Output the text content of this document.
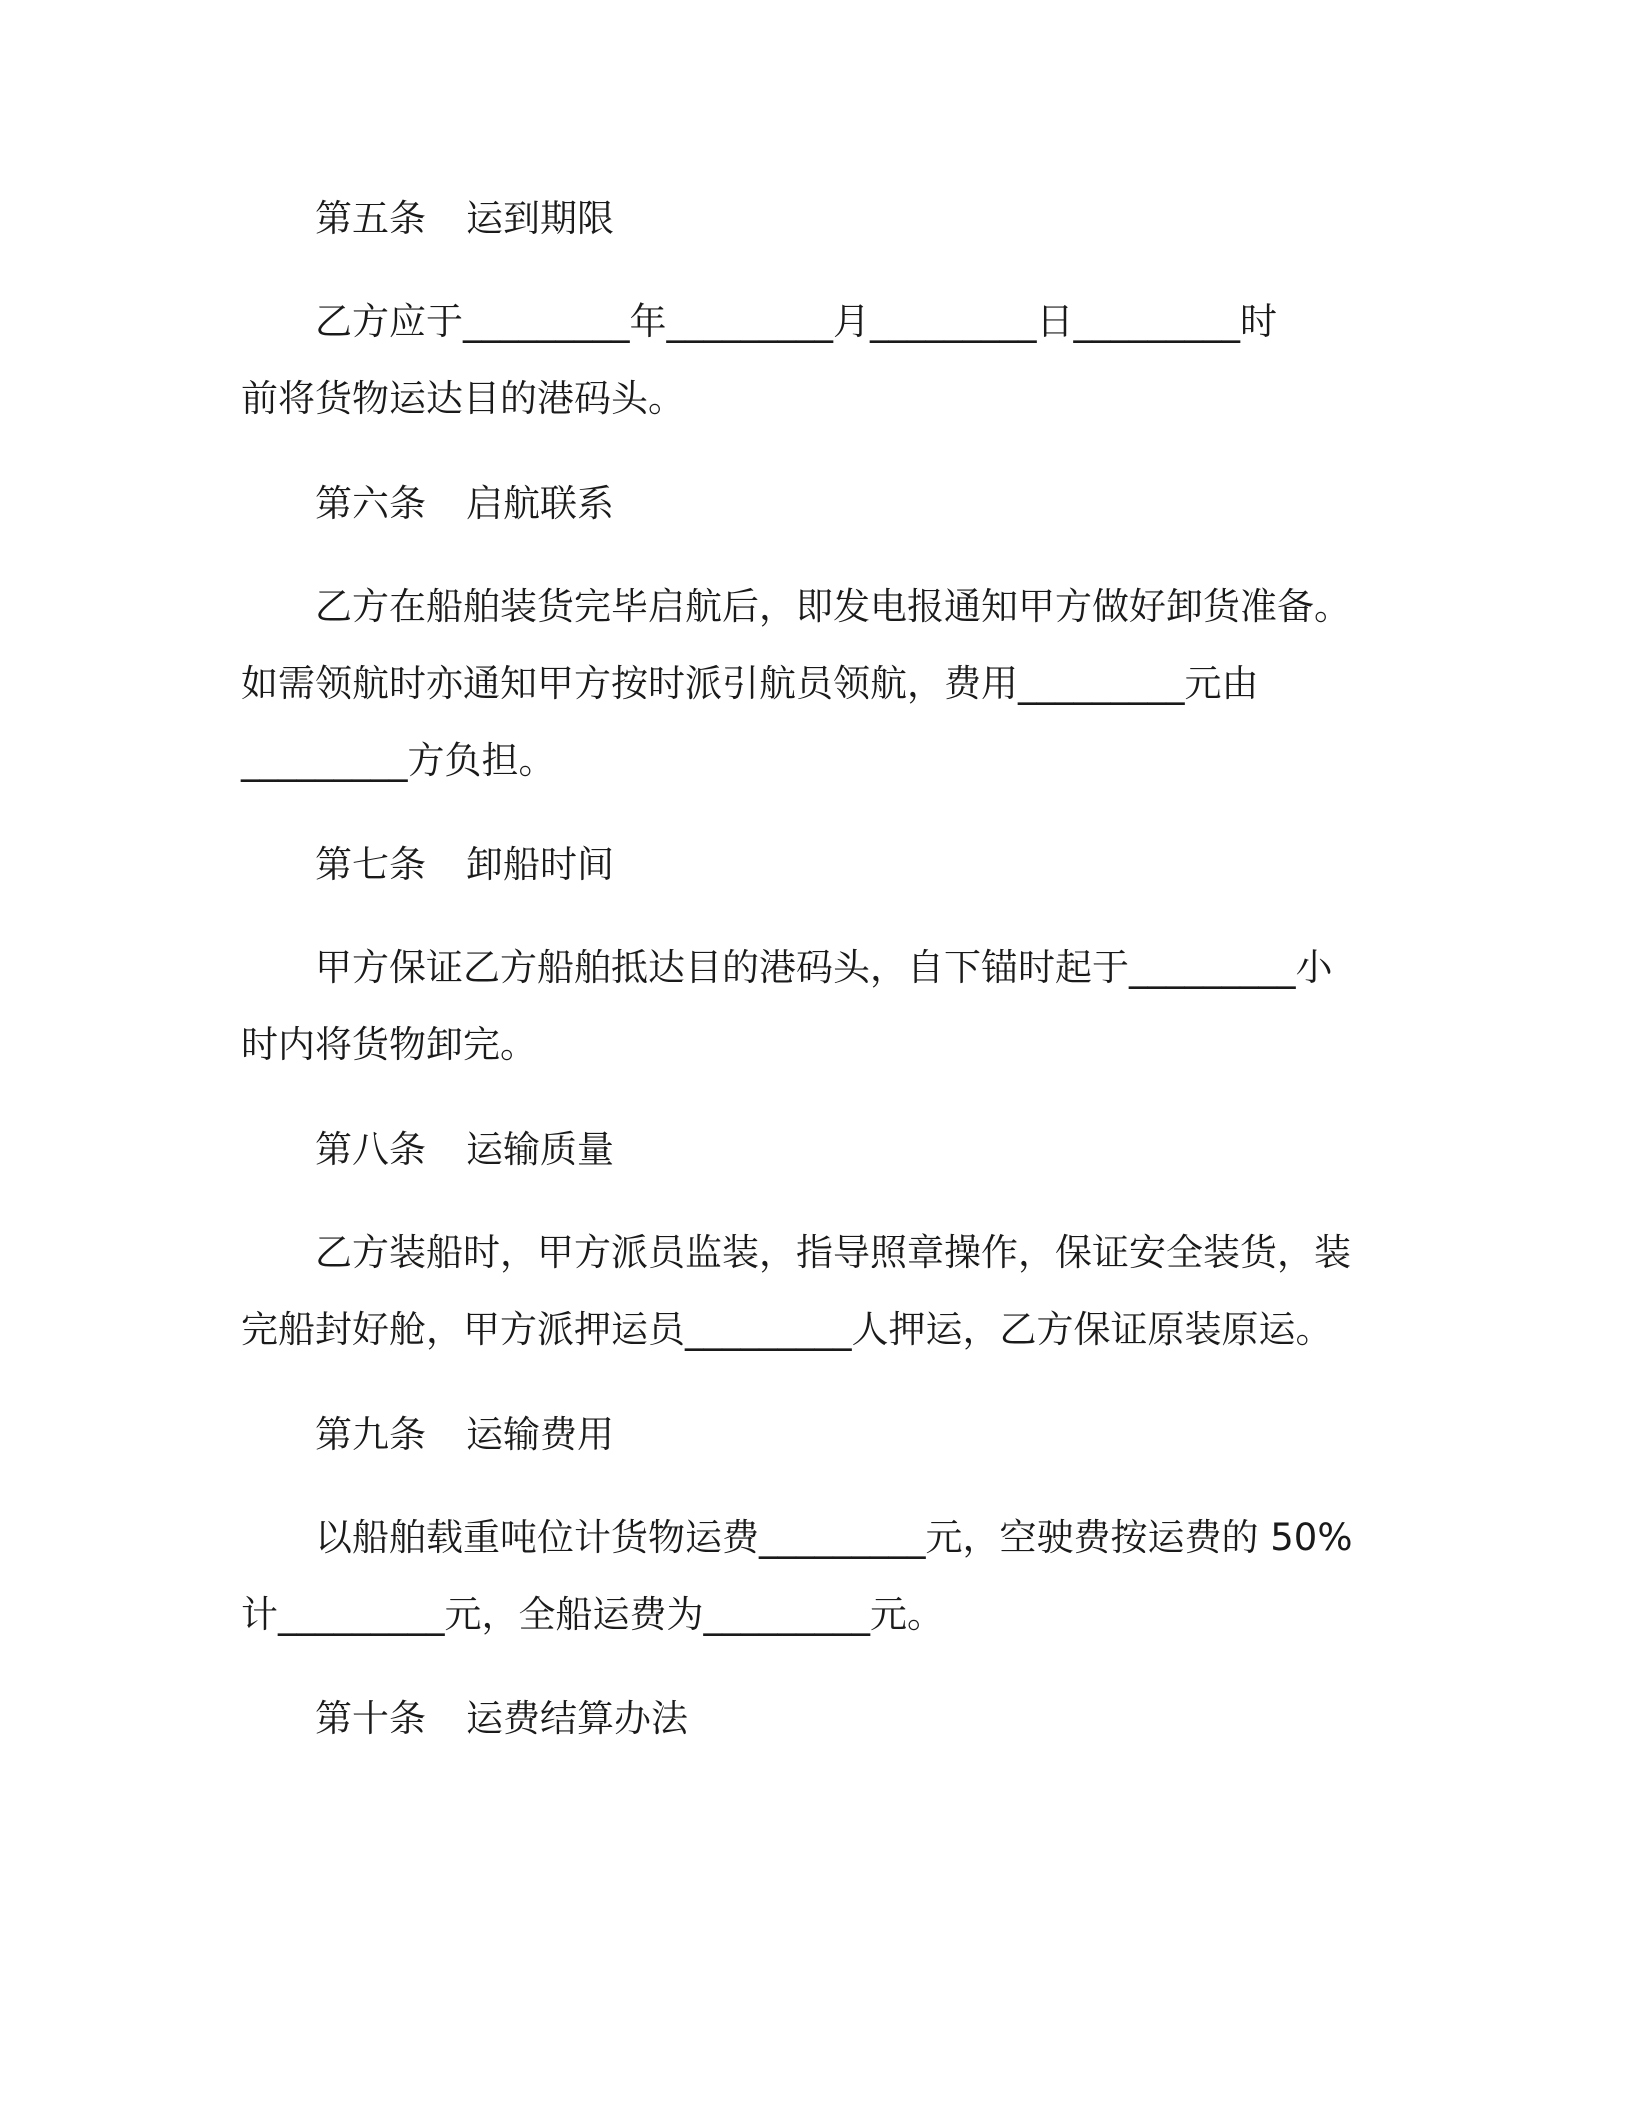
第五条 运到期限
乙方应于_________年_________月_________日_________时
前将货物运达目的港码头。
第六条 启航联系
乙方在船舶装货完毕启航后，即发电报通知甲方做好卸货准备。
如需领航时亦通知甲方按时派引航员领航，费用_________元由
_________方负担。
第七条 卸船时间
甲方保证乙方船舶抵达目的港码头，自下锚时起于_________小
时内将货物卸完。
第八条 运输质量
乙方装船时，甲方派员监装，指导照章操作，保证安全装货，装
完船封好舱，甲方派押运员_________人押运，乙方保证原装原运。
第九条 运输费用
以船舶载重吨位计货物运费_________元，空驶费按运费的 50%
计_________元，全船运费为_________元。
第十条 运费结算办法
